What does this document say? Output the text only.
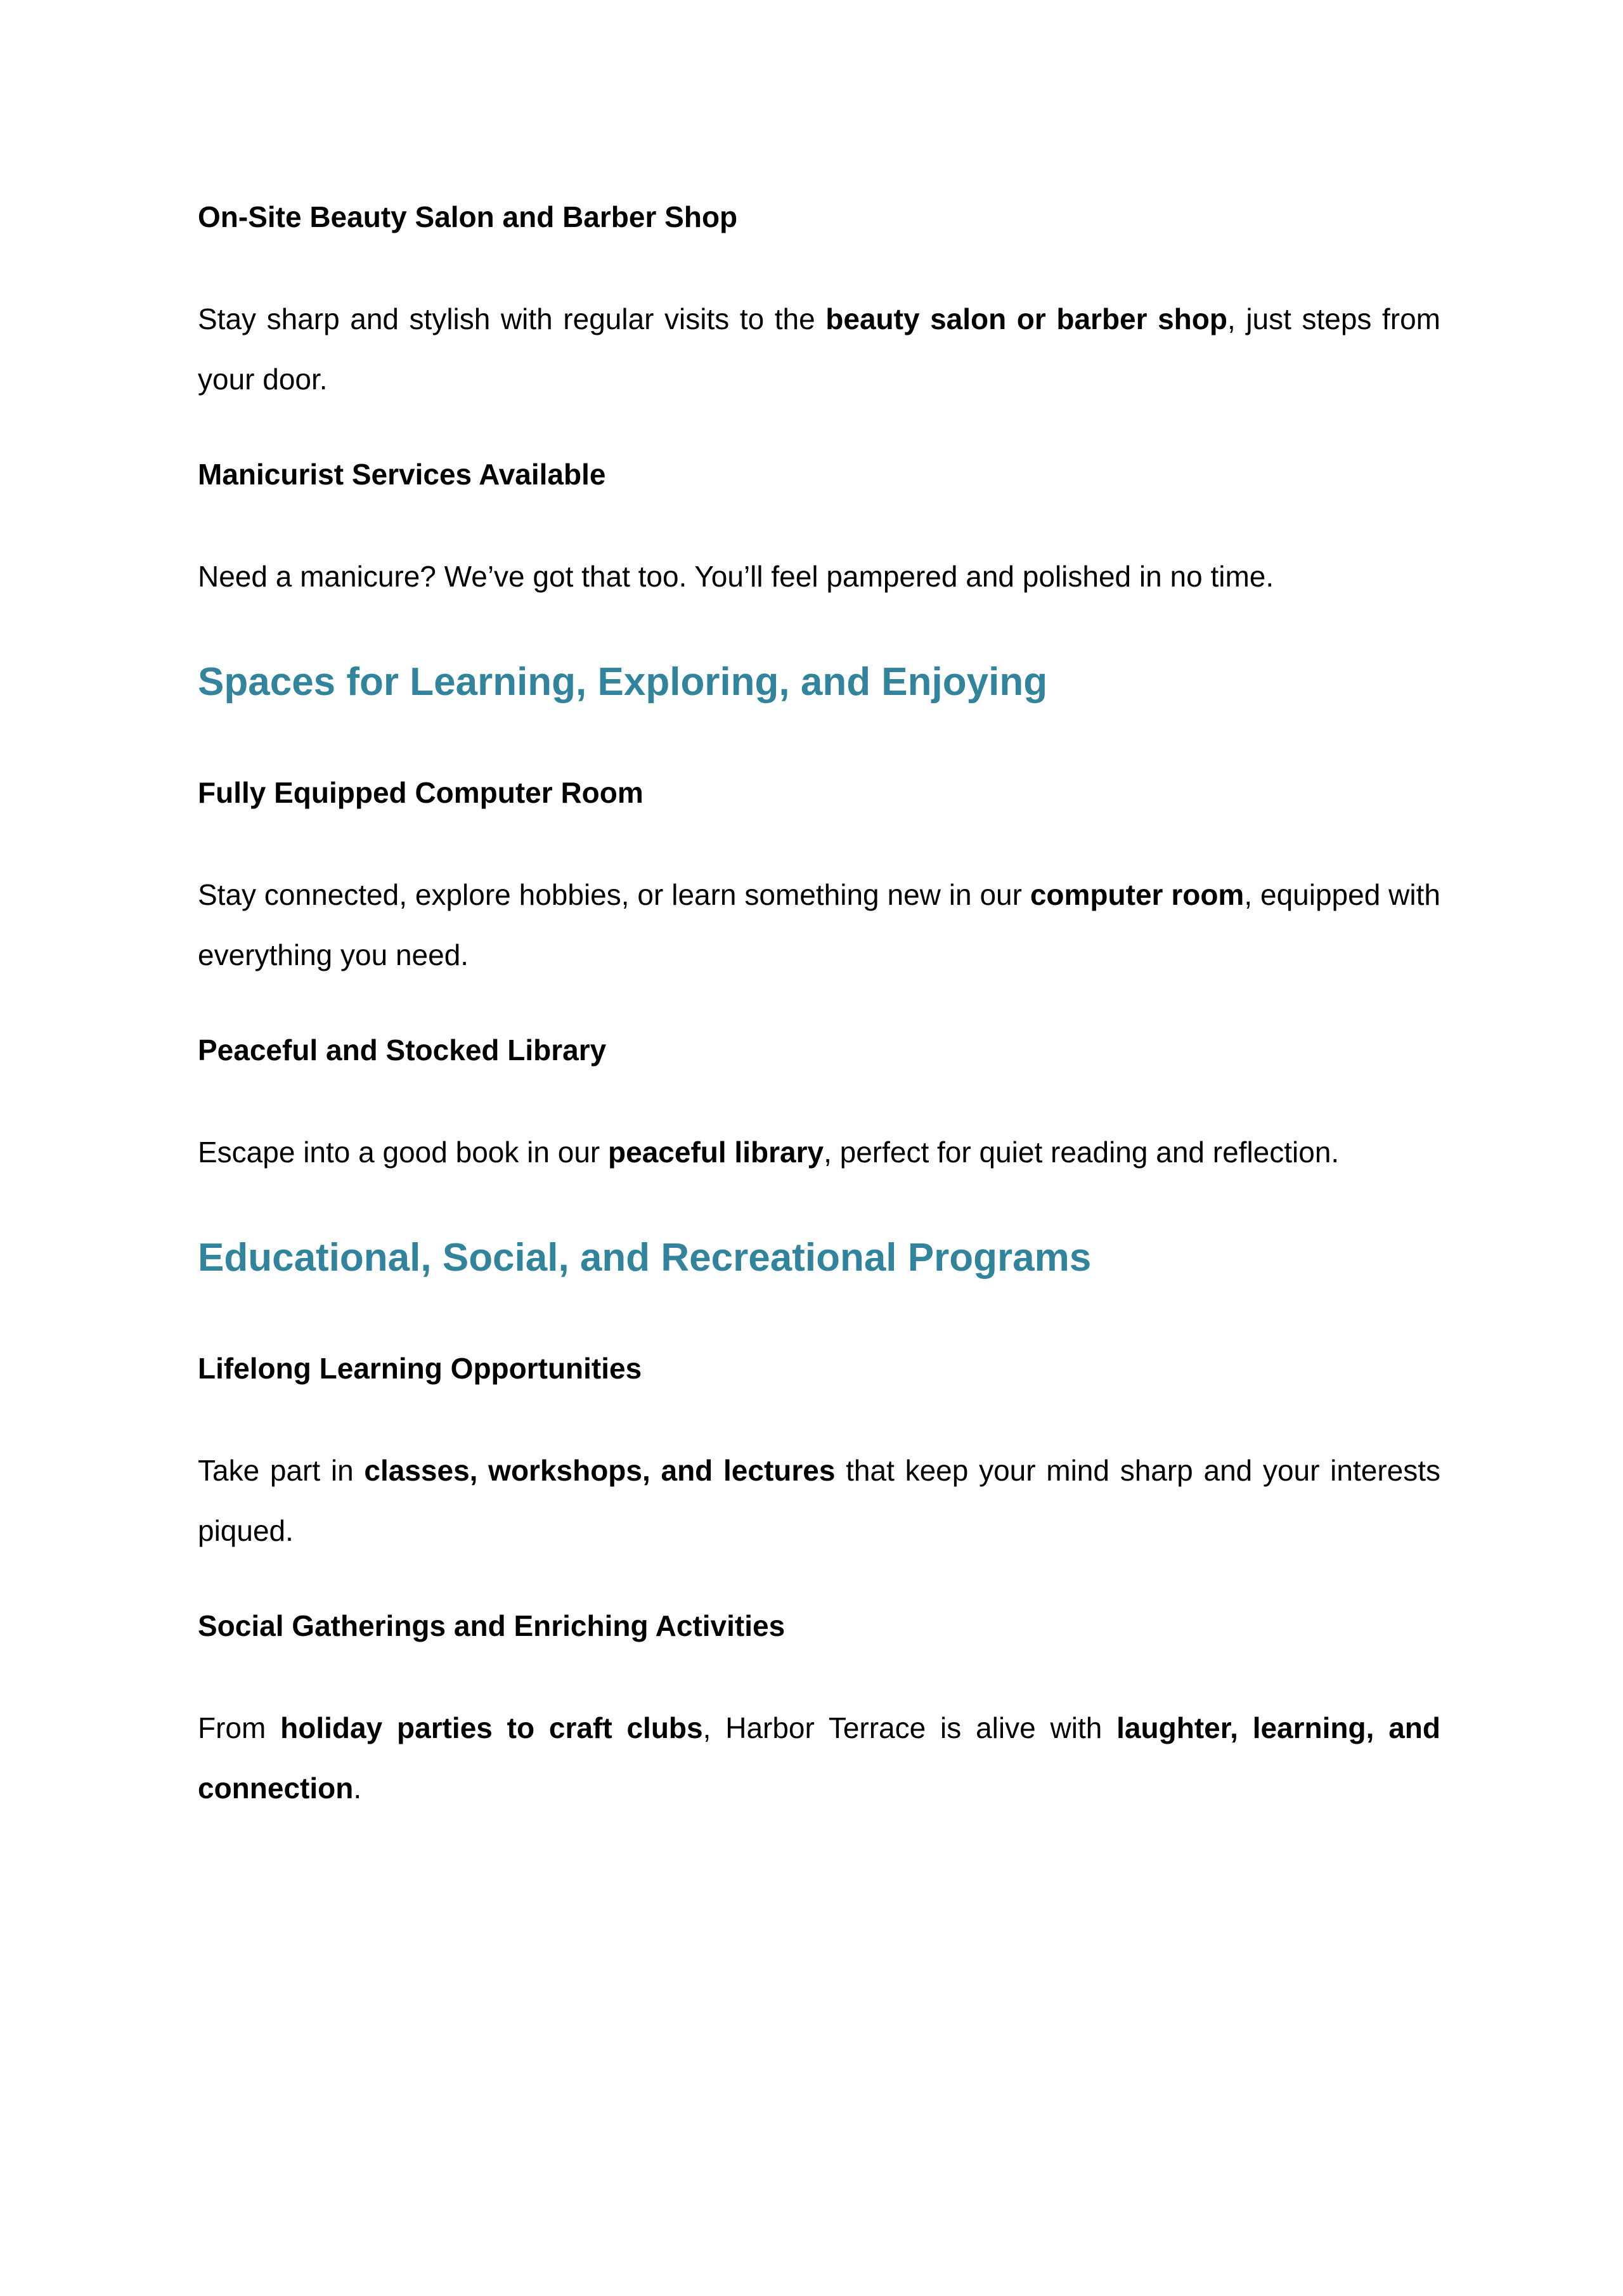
On-Site Beauty Salon and Barber Shop
Stay sharp and stylish with regular visits to the beauty salon or barber shop, just steps from your door.
Manicurist Services Available
Need a manicure? We’ve got that too. You’ll feel pampered and polished in no time.
Spaces for Learning, Exploring, and Enjoying
Fully Equipped Computer Room
Stay connected, explore hobbies, or learn something new in our computer room, equipped with everything you need.
Peaceful and Stocked Library
Escape into a good book in our peaceful library, perfect for quiet reading and reflection.
Educational, Social, and Recreational Programs
Lifelong Learning Opportunities
Take part in classes, workshops, and lectures that keep your mind sharp and your interests piqued.
Social Gatherings and Enriching Activities
From holiday parties to craft clubs, Harbor Terrace is alive with laughter, learning, and connection.
